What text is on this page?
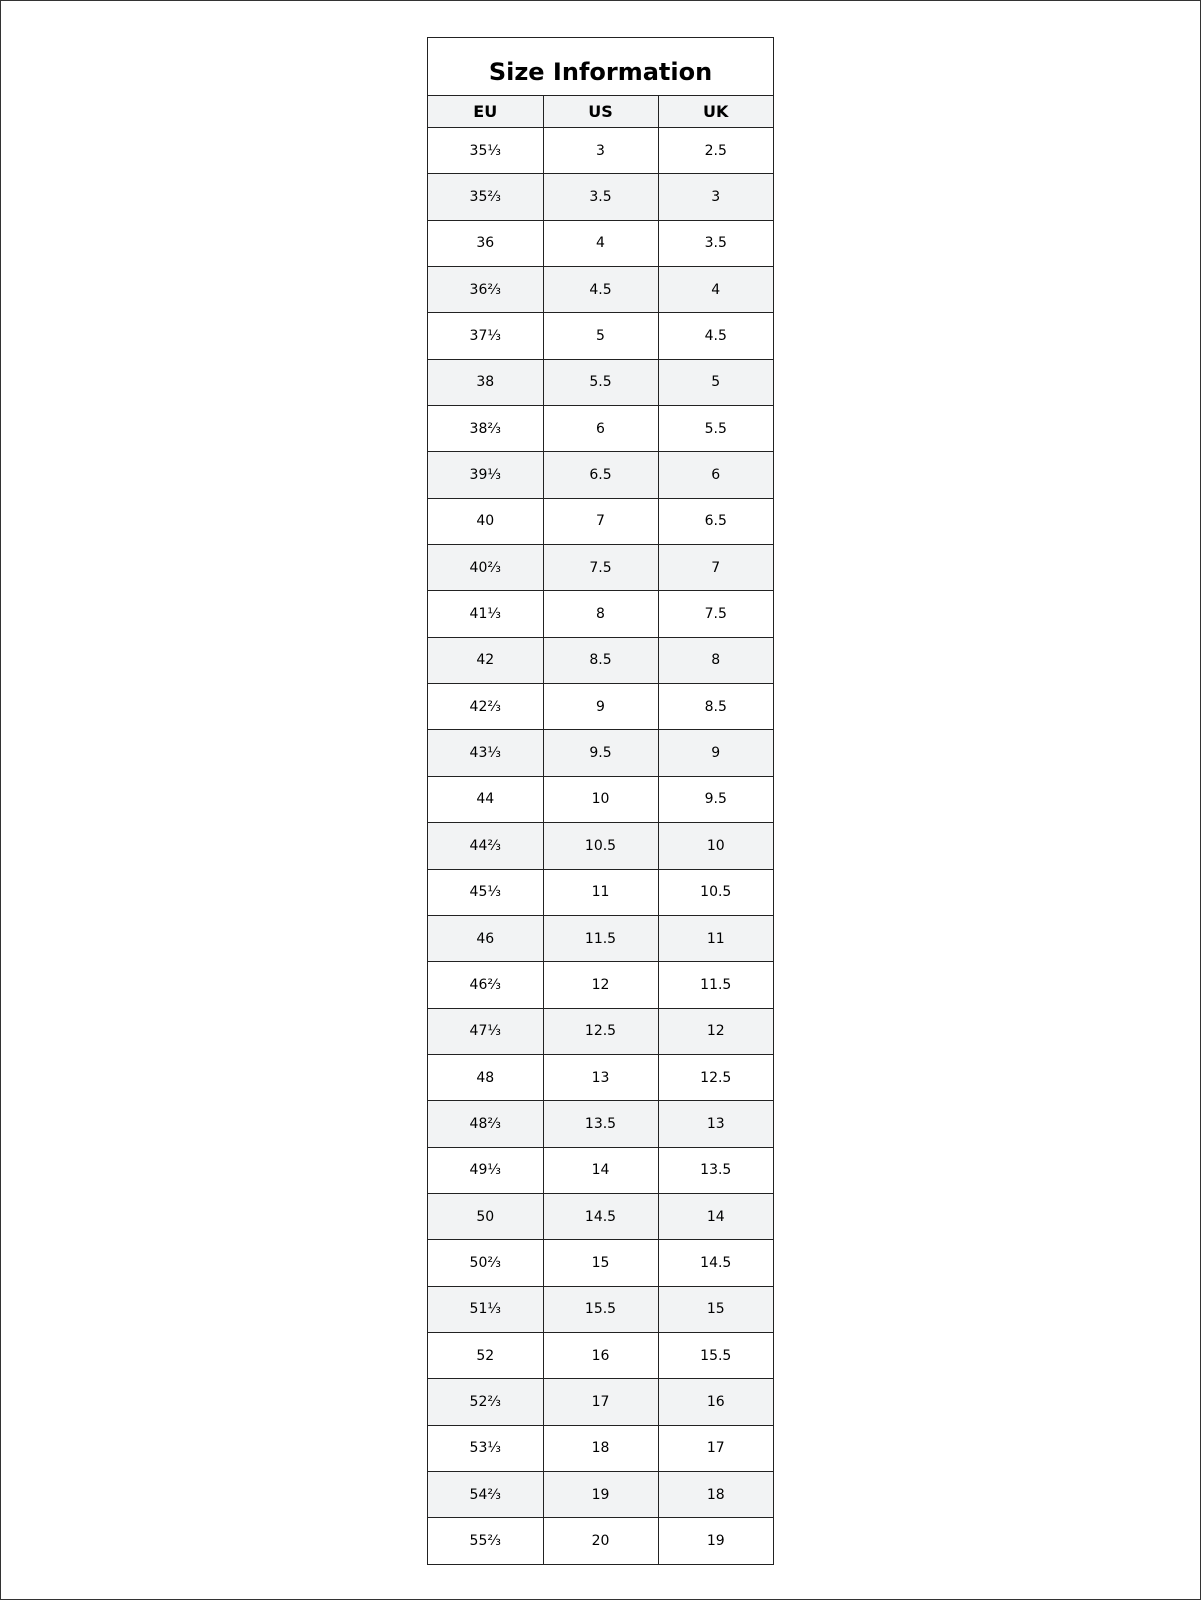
Size Information
EU	US	UK
35⅓	3	2.5
35⅔	3.5	3
36	4	3.5
36⅔	4.5	4
37⅓	5	4.5
38	5.5	5
38⅔	6	5.5
39⅓	6.5	6
40	7	6.5
40⅔	7.5	7
41⅓	8	7.5
42	8.5	8
42⅔	9	8.5
43⅓	9.5	9
44	10	9.5
44⅔	10.5	10
45⅓	11	10.5
46	11.5	11
46⅔	12	11.5
47⅓	12.5	12
48	13	12.5
48⅔	13.5	13
49⅓	14	13.5
50	14.5	14
50⅔	15	14.5
51⅓	15.5	15
52	16	15.5
52⅔	17	16
53⅓	18	17
54⅔	19	18
55⅔	20	19
